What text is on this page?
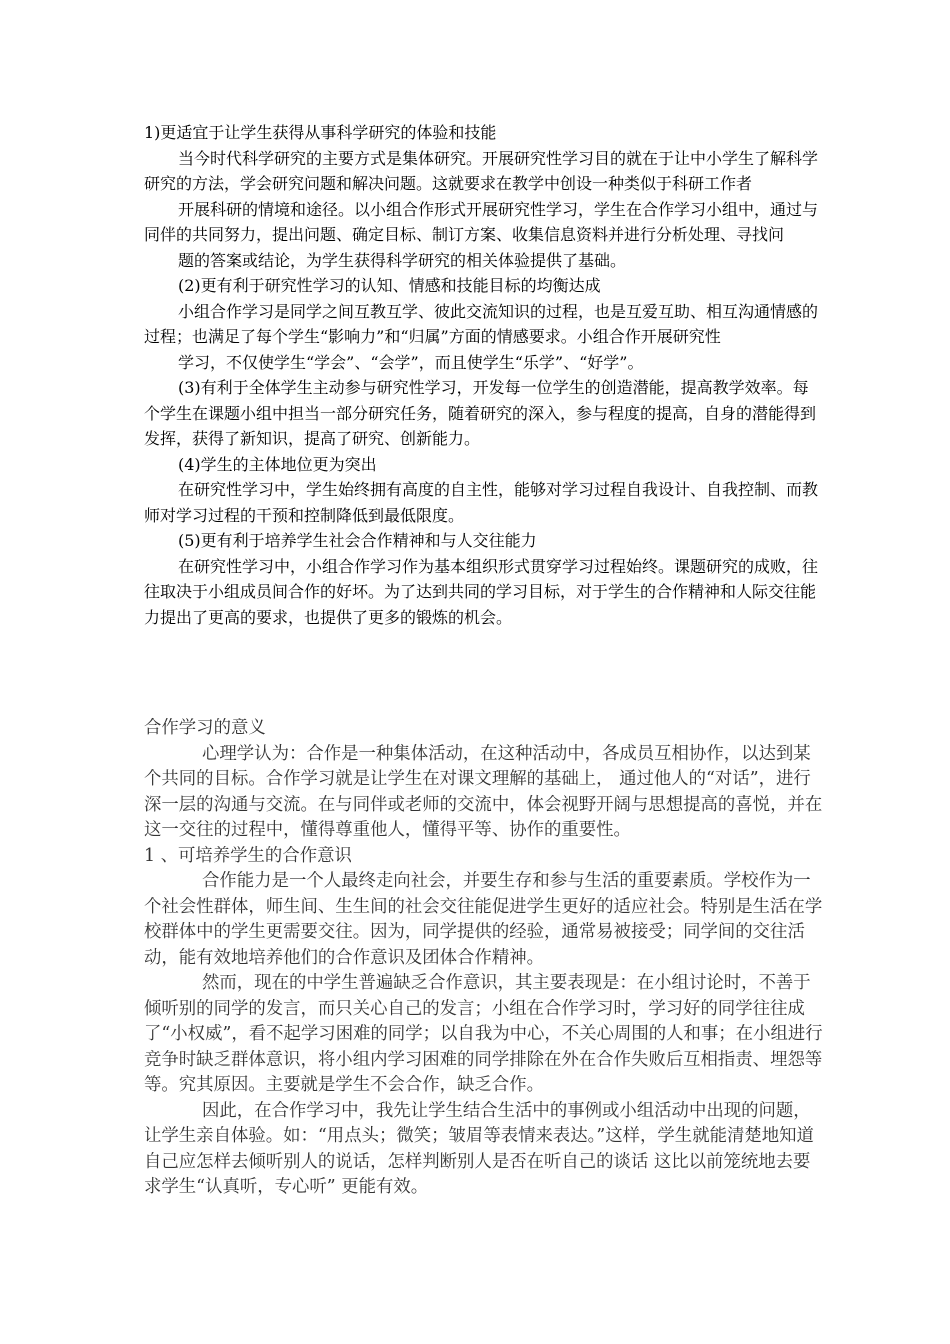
1)更适宜于让学生获得从事科学研究的体验和技能

当今时代科学研究的主要方式是集体研究。开展研究性学习目的就在于让中小学生了解科学研究的方法，学会研究问题和解决问题。这就要求在教学中创设一种类似于科研工作者

开展科研的情境和途径。以小组合作形式开展研究性学习，学生在合作学习小组中，通过与同伴的共同努力，提出问题、确定目标、制订方案、收集信息资料并进行分析处理、寻找问

题的答案或结论，为学生获得科学研究的相关体验提供了基础。

(2)更有利于研究性学习的认知、情感和技能目标的均衡达成

小组合作学习是同学之间互教互学、彼此交流知识的过程，也是互爱互助、相互沟通情感的过程；也满足了每个学生“影响力”和“归属”方面的情感要求。小组合作开展研究性

学习，不仅使学生“学会”、“会学”，而且使学生“乐学”、“好学”。

(3)有利于全体学生主动参与研究性学习，开发每一位学生的创造潜能，提高教学效率。每个学生在课题小组中担当一部分研究任务，随着研究的深入，参与程度的提高，自身的潜能得到发挥，获得了新知识，提高了研究、创新能力。

(4)学生的主体地位更为突出

在研究性学习中，学生始终拥有高度的自主性，能够对学习过程自我设计、自我控制、而教师对学习过程的干预和控制降低到最低限度。

(5)更有利于培养学生社会合作精神和与人交往能力

在研究性学习中，小组合作学习作为基本组织形式贯穿学习过程始终。课题研究的成败，往往取决于小组成员间合作的好坏。为了达到共同的学习目标，对于学生的合作精神和人际交往能力提出了更高的要求，也提供了更多的锻炼的机会。

合作学习的意义

心理学认为：合作是一种集体活动，在这种活动中，各成员互相协作，以达到某个共同的目标。合作学习就是让学生在对课文理解的基础上， 通过他人的“对话”，进行深一层的沟通与交流。在与同伴或老师的交流中，体会视野开阔与思想提高的喜悦，并在这一交往的过程中，懂得尊重他人，懂得平等、协作的重要性。

1 、可培养学生的合作意识

合作能力是一个人最终走向社会，并要生存和参与生活的重要素质。学校作为一个社会性群体，师生间、生生间的社会交往能促进学生更好的适应社会。特别是生活在学校群体中的学生更需要交往。因为，同学提供的经验，通常易被接受；同学间的交往活动，能有效地培养他们的合作意识及团体合作精神。

然而，现在的中学生普遍缺乏合作意识，其主要表现是：在小组讨论时，不善于倾听别的同学的发言，而只关心自己的发言；小组在合作学习时，学习好的同学往往成了“小权威”，看不起学习困难的同学；以自我为中心，不关心周围的人和事；在小组进行竞争时缺乏群体意识，将小组内学习困难的同学排除在外在合作失败后互相指责、埋怨等等。究其原因。主要就是学生不会合作，缺乏合作。

因此，在合作学习中，我先让学生结合生活中的事例或小组活动中出现的问题，让学生亲自体验。如：“用点头；微笑；皱眉等表情来表达。”这样，学生就能清楚地知道自己应怎样去倾听别人的说话，怎样判断别人是否在听自己的谈话 这比以前笼统地去要求学生“认真听，专心听” 更能有效。
